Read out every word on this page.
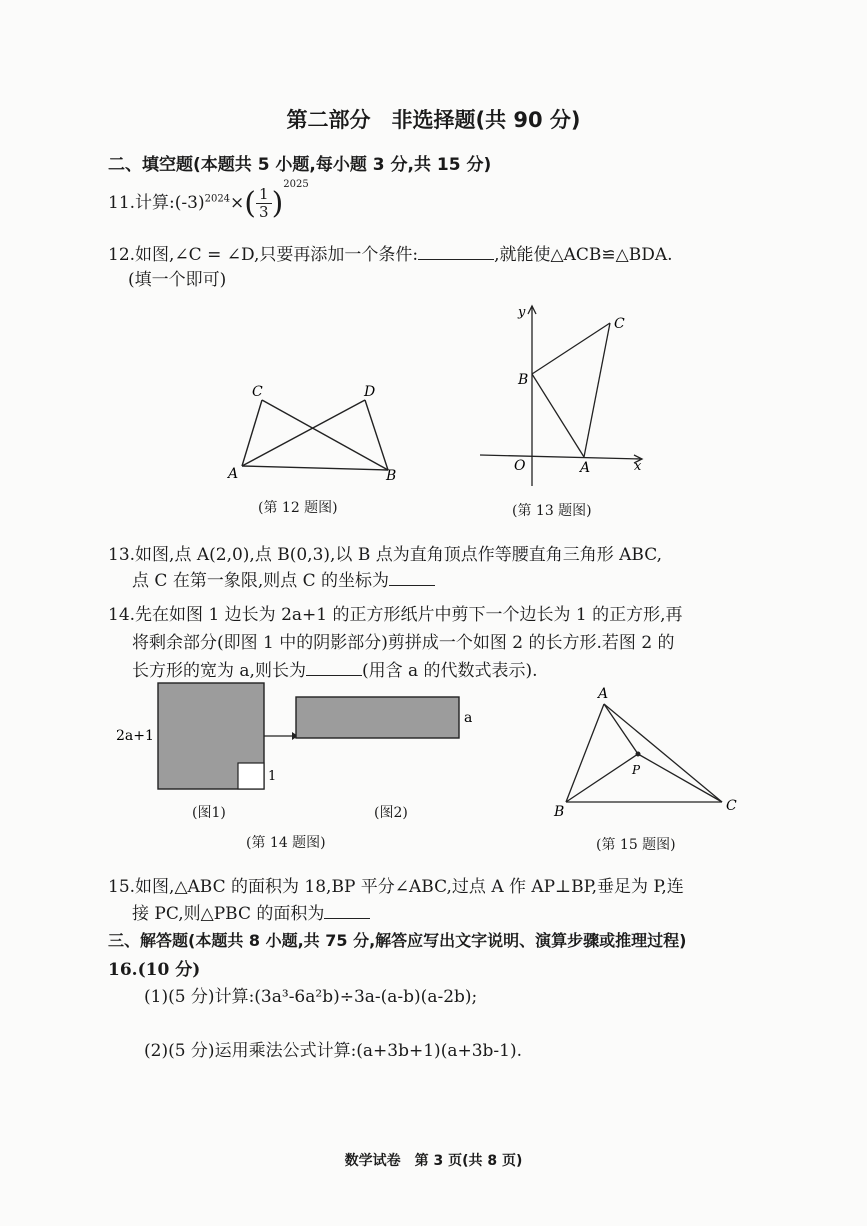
第二部分　非选择题(共 90 分)
二、填空题(本题共 5 小题,每小题 3 分,共 15 分)
11.计算$:(-3)^{2024}\times( \frac{1}{3} )^{2025}$
12.如图,∠C = ∠D,只要再添加一个条件:	,就能使△ACB≌△BDA.
(填一个即可)
C	D
A	B
(第 12 题图)
y
C
B
O	A	x
(第 13 题图)
13.如图,点 A(2,0),点 B(0,3),以 B 点为直角顶点作等腰直角三角形 ABC,
点 C 在第一象限,则点 C 的坐标为
14.先在如图 1 边长为 2a+1 的正方形纸片中剪下一个边长为 1 的正方形,再
将剩余部分(即图 1 中的阴影部分)剪拼成一个如图 2 的长方形.若图 2 的
长方形的宽为 a,则长为	(用含 a 的代数式表示).
2a+1
1
a
(图1)	(图2)
(第 14 题图)
A
B	C
P
(第 15 题图)
15.如图,△ABC 的面积为 18,BP 平分∠ABC,过点 A 作 AP⊥BP,垂足为 P,连
接 PC,则△PBC 的面积为
三、解答题(本题共 8 小题,共 75 分,解答应写出文字说明、演算步骤或推理过程)
16.(10 分)
(1)(5 分)计算:(3a³-6a²b)÷3a-(a-b)(a-2b);
(2)(5 分)运用乘法公式计算:(a+3b+1)(a+3b-1).
数学试卷　第 3 页(共 8 页)
